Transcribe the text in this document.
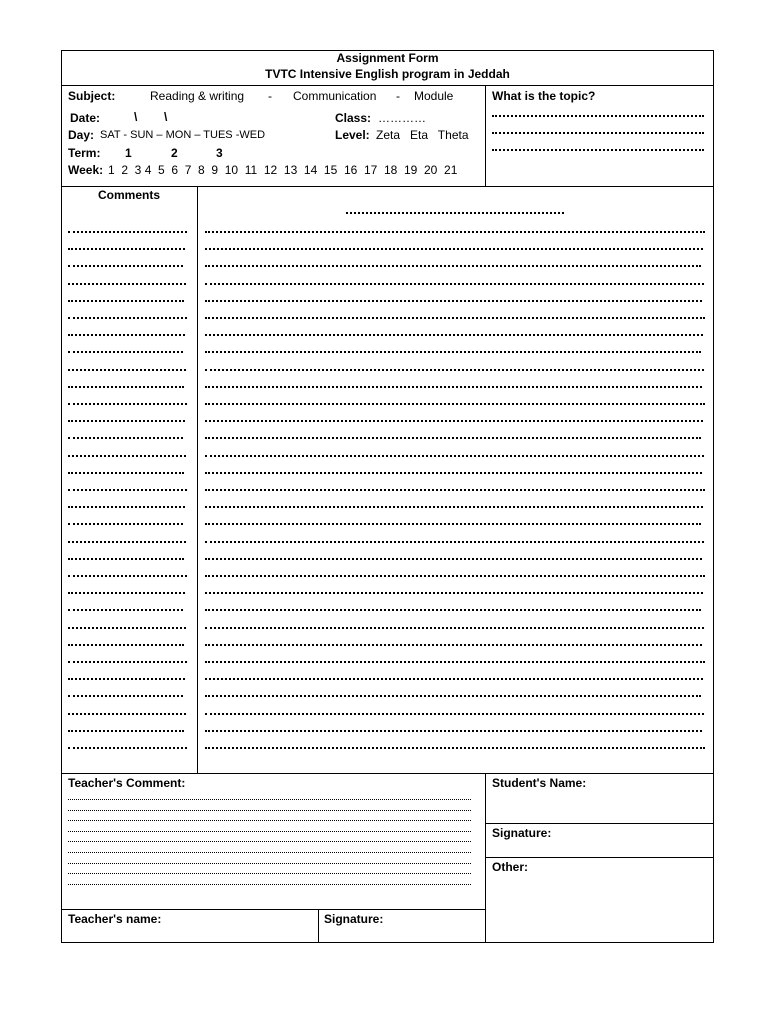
Assignment Form
TVTC Intensive English program in Jeddah
Subject:	Reading & writing - Communication - Module
Date:	\        \	Class: …………
Day: SAT - SUN – MON – TUES -WED	Level: Zeta   Eta   Theta
Term: 1	2	3
Week: 1  2  3 4  5  6  7  8  9  10  11  12  13  14  15  16  17  18  19  20  21
What is the topic?
Comments
Teacher's Comment:
Teacher's name:	Signature:
Student's Name:
Signature:
Other:
